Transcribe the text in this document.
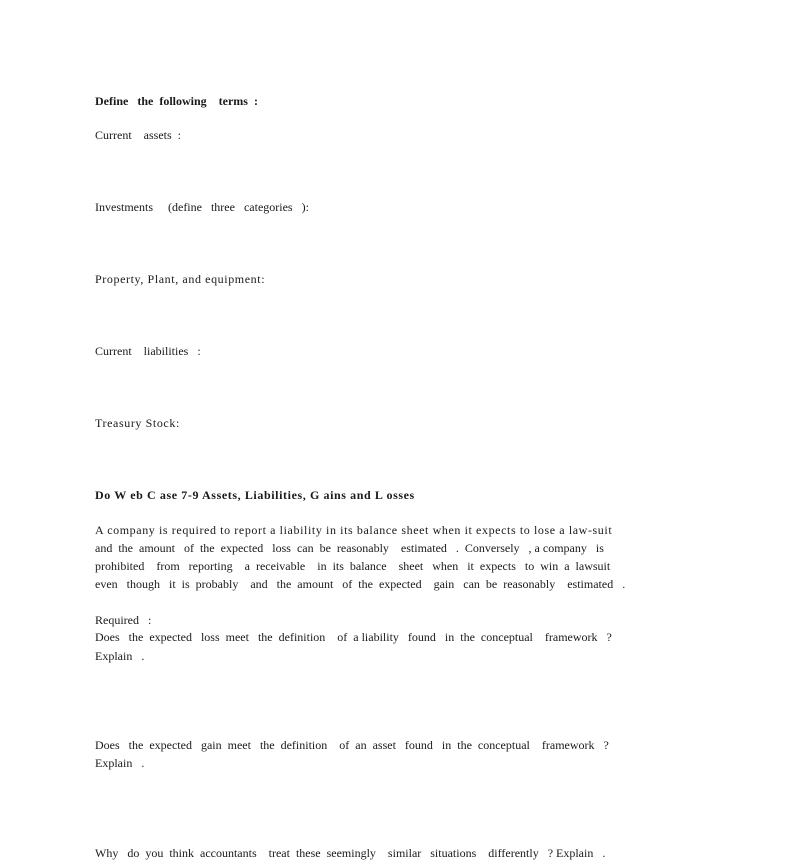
Define   the  following    terms  :
Current    assets  :
Investments     (define   three   categories   ):
Property, Plant, and equipment:
Current    liabilities   :
Treasury Stock:
Do W eb C ase 7-9 Assets, Liabilities, G ains and L osses
A company is required to report a liability in its balance sheet when it expects to lose a law-suit
and  the  amount   of  the  expected   loss  can  be  reasonably    estimated   .  Conversely   , a company   is
prohibited    from   reporting    a  receivable    in  its  balance    sheet   when   it  expects   to  win  a  lawsuit
even   though   it  is  probably    and   the  amount   of  the  expected    gain   can  be  reasonably    estimated   .
Required   :
Does   the  expected   loss  meet   the  definition    of  a liability   found   in  the  conceptual    framework   ?
Explain   .
Does   the  expected   gain  meet   the  definition    of  an  asset   found   in  the  conceptual    framework   ?
Explain   .
Why   do  you  think  accountants    treat  these  seemingly    similar   situations    differently   ? Explain   .
